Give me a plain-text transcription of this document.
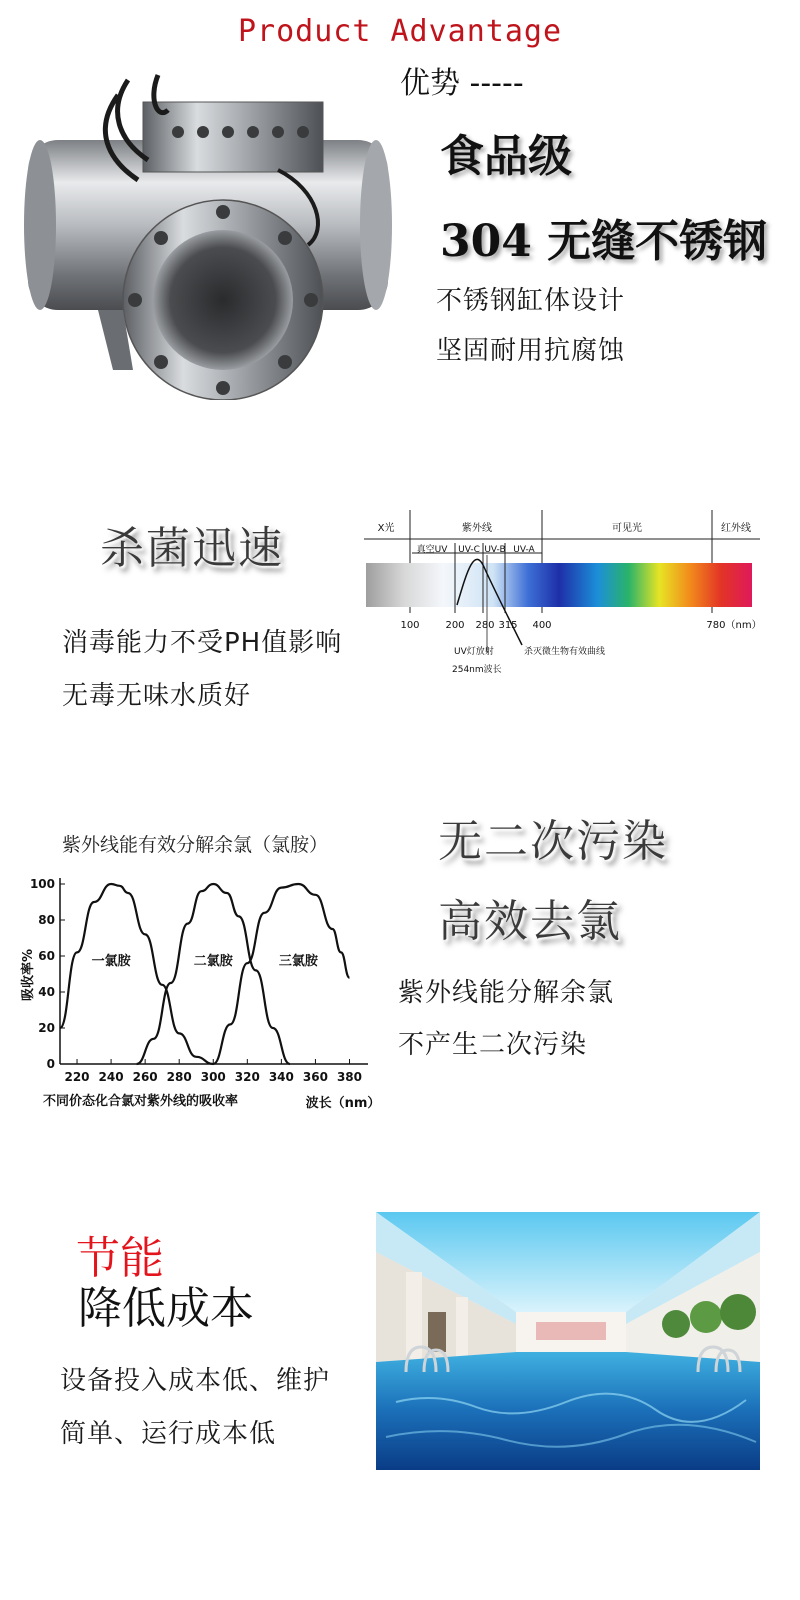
Product Advantage
优势 -----
食品级
304 无缝不锈钢
不锈钢缸体设计
坚固耐用抗腐蚀
杀菌迅速
消毒能力不受PH值影响
无毒无味水质好
X光	紫外线	可见光	红外线
真空UV UV-C UV-B UV-A
100	200 280 315 400	780（nm）
UV灯放射
254nm波长
杀灭微生物有效曲线
紫外线能有效分解余氯（氯胺）
0
20
40
60
80
100
220 240 260 280 300 320 340 360 380
一氯胺	二氯胺	三氯胺
不同价态化合氯对紫外线的吸收率	波长（nm）
吸收率%
无二次污染
高效去氯
紫外线能分解余氯
不产生二次污染
节能
降低成本
设备投入成本低、维护
简单、运行成本低
